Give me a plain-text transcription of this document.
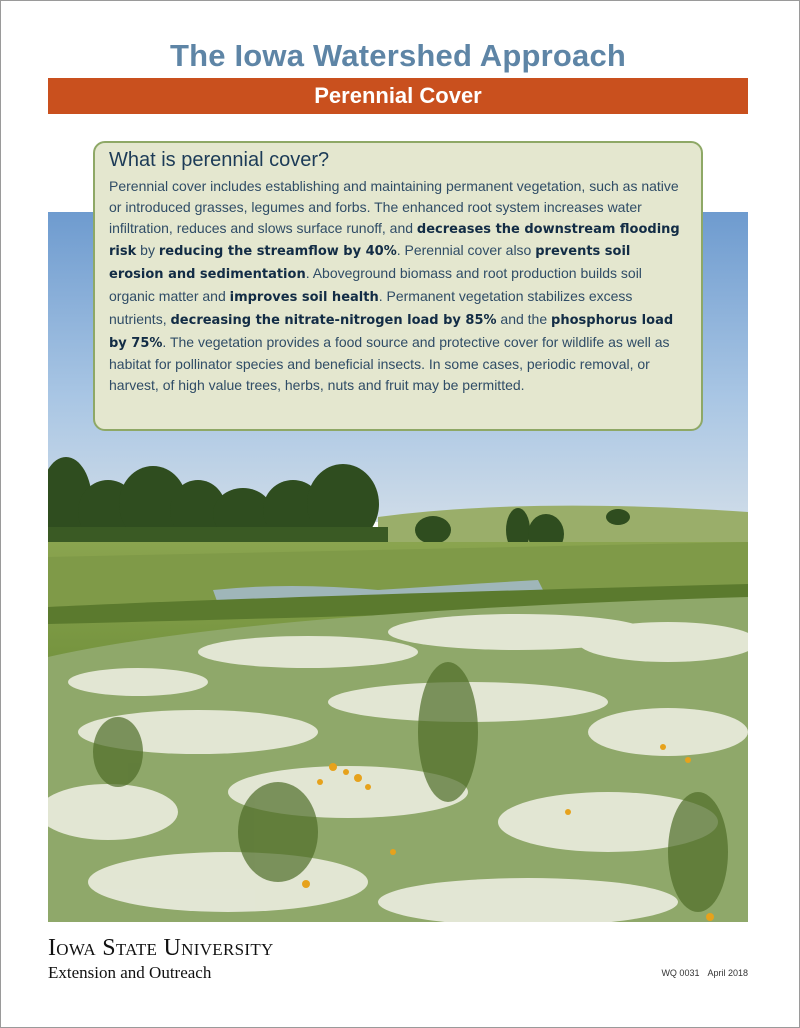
The Iowa Watershed Approach
Perennial Cover
What is perennial cover?

Perennial cover includes establishing and maintaining permanent vegetation, such as native or introduced grasses, legumes and forbs. The enhanced root system increases water infiltration, reduces and slows surface runoff, and decreases the downstream flooding risk by reducing the streamflow by 40%. Perennial cover also prevents soil erosion and sedimentation. Aboveground biomass and root production builds soil organic matter and improves soil health. Permanent vegetation stabilizes excess nutrients, decreasing the nitrate-nitrogen load by 85% and the phosphorus load by 75%. The vegetation provides a food source and protective cover for wildlife as well as habitat for pollinator species and beneficial insects. In some cases, periodic removal, or harvest, of high value trees, herbs, nuts and fruit may be permitted.

Iowa State University
Extension and Outreach	WQ 0031 April 2018
